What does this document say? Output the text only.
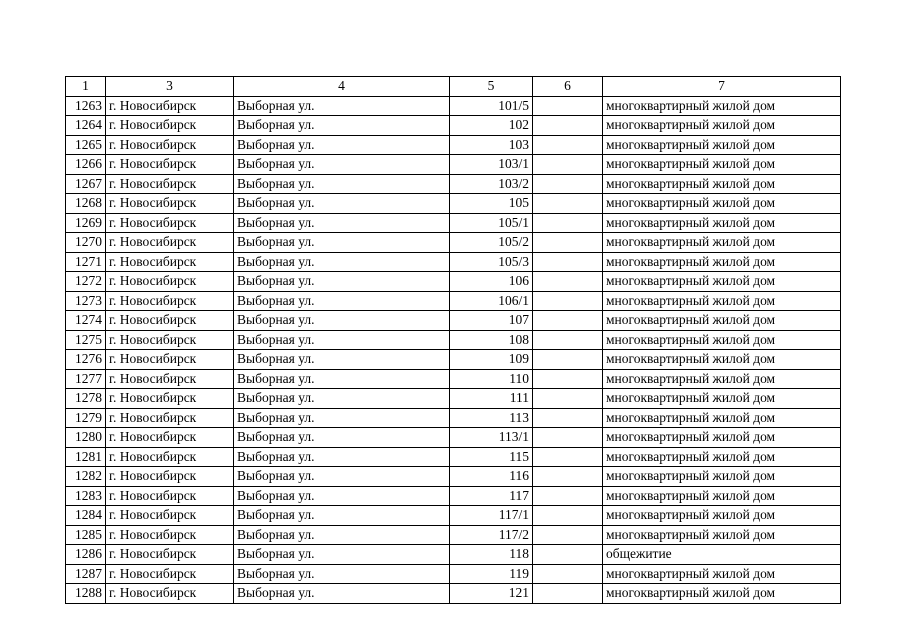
1	3	4	5	6	7
1263	г. Новосибирск	Выборная ул.	101/5		многоквартирный жилой дом
1264	г. Новосибирск	Выборная ул.	102		многоквартирный жилой дом
1265	г. Новосибирск	Выборная ул.	103		многоквартирный жилой дом
1266	г. Новосибирск	Выборная ул.	103/1		многоквартирный жилой дом
1267	г. Новосибирск	Выборная ул.	103/2		многоквартирный жилой дом
1268	г. Новосибирск	Выборная ул.	105		многоквартирный жилой дом
1269	г. Новосибирск	Выборная ул.	105/1		многоквартирный жилой дом
1270	г. Новосибирск	Выборная ул.	105/2		многоквартирный жилой дом
1271	г. Новосибирск	Выборная ул.	105/3		многоквартирный жилой дом
1272	г. Новосибирск	Выборная ул.	106		многоквартирный жилой дом
1273	г. Новосибирск	Выборная ул.	106/1		многоквартирный жилой дом
1274	г. Новосибирск	Выборная ул.	107		многоквартирный жилой дом
1275	г. Новосибирск	Выборная ул.	108		многоквартирный жилой дом
1276	г. Новосибирск	Выборная ул.	109		многоквартирный жилой дом
1277	г. Новосибирск	Выборная ул.	110		многоквартирный жилой дом
1278	г. Новосибирск	Выборная ул.	111		многоквартирный жилой дом
1279	г. Новосибирск	Выборная ул.	113		многоквартирный жилой дом
1280	г. Новосибирск	Выборная ул.	113/1		многоквартирный жилой дом
1281	г. Новосибирск	Выборная ул.	115		многоквартирный жилой дом
1282	г. Новосибирск	Выборная ул.	116		многоквартирный жилой дом
1283	г. Новосибирск	Выборная ул.	117		многоквартирный жилой дом
1284	г. Новосибирск	Выборная ул.	117/1		многоквартирный жилой дом
1285	г. Новосибирск	Выборная ул.	117/2		многоквартирный жилой дом
1286	г. Новосибирск	Выборная ул.	118		общежитие
1287	г. Новосибирск	Выборная ул.	119		многоквартирный жилой дом
1288	г. Новосибирск	Выборная ул.	121		многоквартирный жилой дом
